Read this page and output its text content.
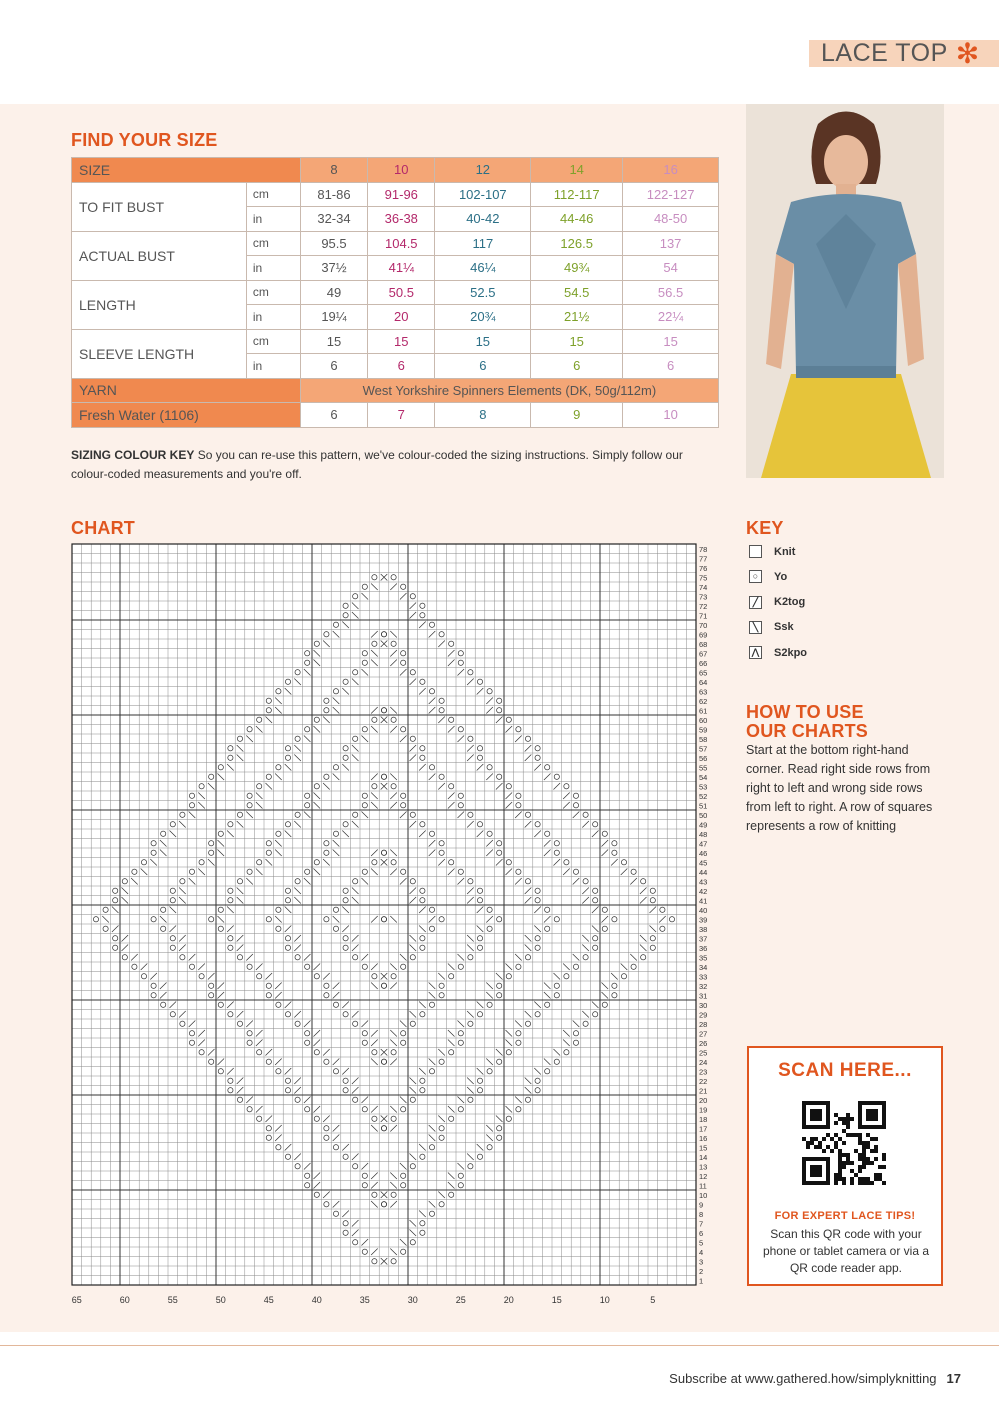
LACE TOP ✻
FIND YOUR SIZE
SIZE		8	10	12	14	16
TO FIT BUST	cm	81-86	91-96	102-107	112-117	122-127
	in	32-34	36-38	40-42	44-46	48-50
ACTUAL BUST	cm	95.5	104.5	117	126.5	137
	in	37½	41¼	46¼	49¾	54
LENGTH	cm	49	50.5	52.5	54.5	56.5
	in	19¼	20	20¾	21½	22¼
SLEEVE LENGTH	cm	15	15	15	15	15
	in	6	6	6	6	6
YARN		West Yorkshire Spinners Elements (DK, 50g/112m)				
Fresh Water (1106)		6	7	8	9	10
SIZING COLOUR KEY So you can re-use this pattern, we've colour-coded the sizing instructions. Simply follow our colour-coded measurements and you're off.
CHART
1
2
3
4
5
6
7
8
9
10
11
12
13
14
15
16
17
18
19
20
21
22
23
24
25
26
27
28
29
30
31
32
33
34
35
36
37
38
39
40
41
42
43
44
45
46
47
48
49
50
51
52
53
54
55
56
57
58
59
60
61
62
63
64
65
66
67
68
69
70
71
72
73
74
75
76
77
78
65	60	55	50	45	40	35	30	25	20	15	10	5
KEY
Knit
○	Yo
╱	K2tog
╲	Ssk
⋀ S2kpo
HOW TO USE
OUR CHARTS
Start at the bottom right-hand corner. Read right side rows from right to left and wrong side rows from left to right. A row of squares represents a row of knitting
SCAN HERE...
FOR EXPERT LACE TIPS!
Scan this QR code with your phone or tablet camera or via a QR code reader app.
Subscribe at www.gathered.how/simplyknitting 17
